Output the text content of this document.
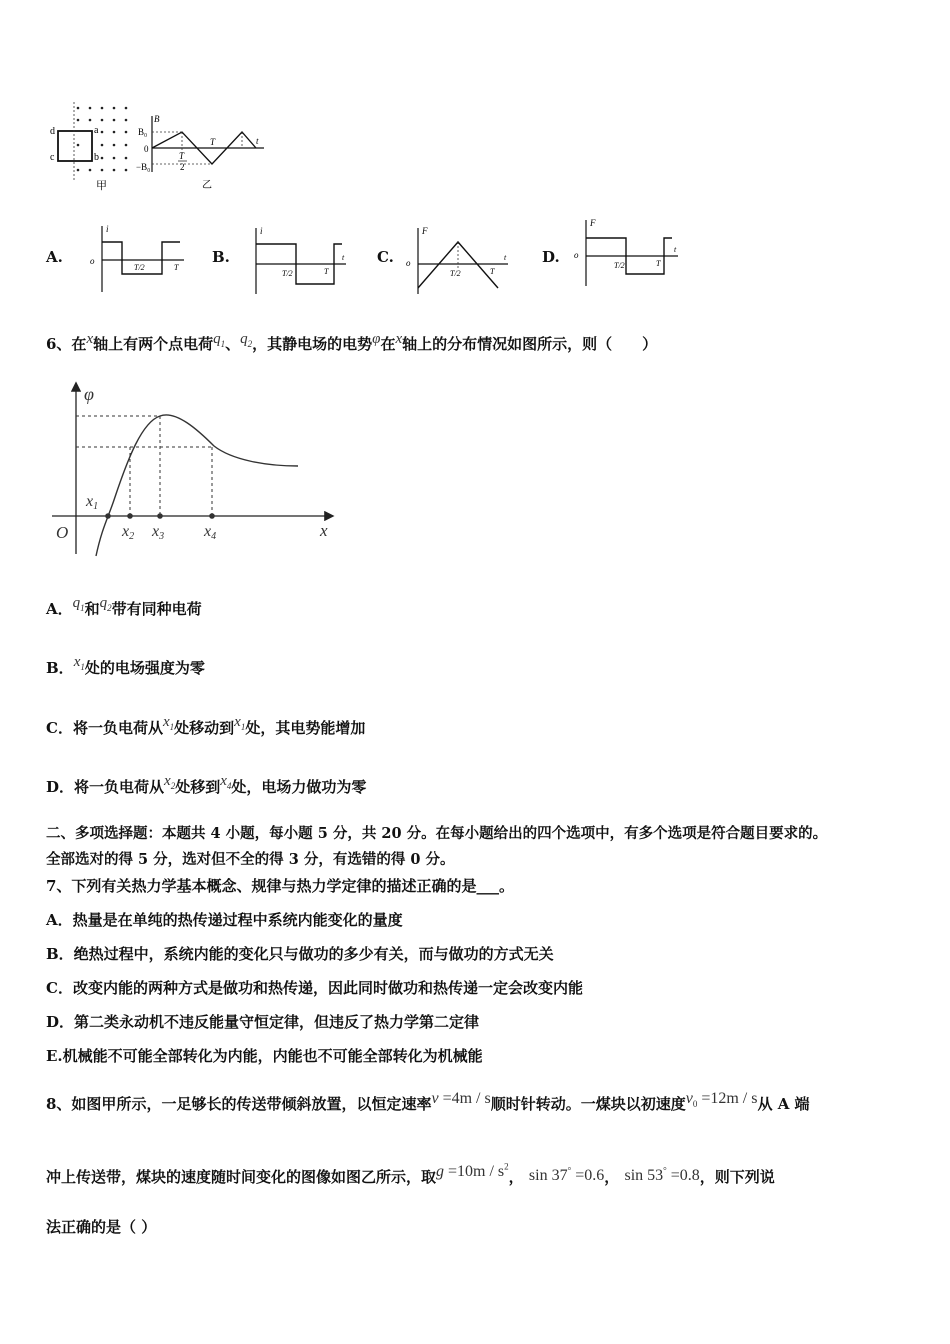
d	a
c	b
甲
B
B₀
0
−B₀
T
2
T	t
乙
A.
i
o
T/2	T
B.
i
T/2	T
t C.
F
o
T/2	T
t D.
F
o
T/2	T
t
6、在x轴上有两个点电荷$q_1$、$q_2$，其静电场的电势φ在x轴上的分布情况如图所示，则（　　）
φ
O	x
x1
x2 x3 x4
A．$q_1$和$q_2$带有同种电荷
B．$x_1$处的电场强度为零
C．将一负电荷从$x_1$处移动到$x_1$处，其电势能增加
D．将一负电荷从$x_2$处移到$x_4$处，电场力做功为零
二、多项选择题：本题共 4 小题，每小题 5 分，共 20 分。在每小题给出的四个选项中，有多个选项是符合题目要求的。
全部选对的得 5 分，选对但不全的得 3 分，有选错的得 0 分。
7、下列有关热力学基本概念、规律与热力学定律的描述正确的是___。
A．热量是在单纯的热传递过程中系统内能变化的量度
B．绝热过程中，系统内能的变化只与做功的多少有关，而与做功的方式无关
C．改变内能的两种方式是做功和热传递，因此同时做功和热传递一定会改变内能
D．第二类永动机不违反能量守恒定律，但违反了热力学第二定律
E.机械能不可能全部转化为内能，内能也不可能全部转化为机械能
8、如图甲所示，一足够长的传送带倾斜放置，以恒定速率v =4m / s顺时针转动。一煤块以初速度$v_0 =12m / s$从 A 端
冲上传送带，煤块的速度随时间变化的图像如图乙所示，取$g =10m / s^2$， sin 37° =0.6， sin 53° =0.8，则下列说
法正确的是（ ）
